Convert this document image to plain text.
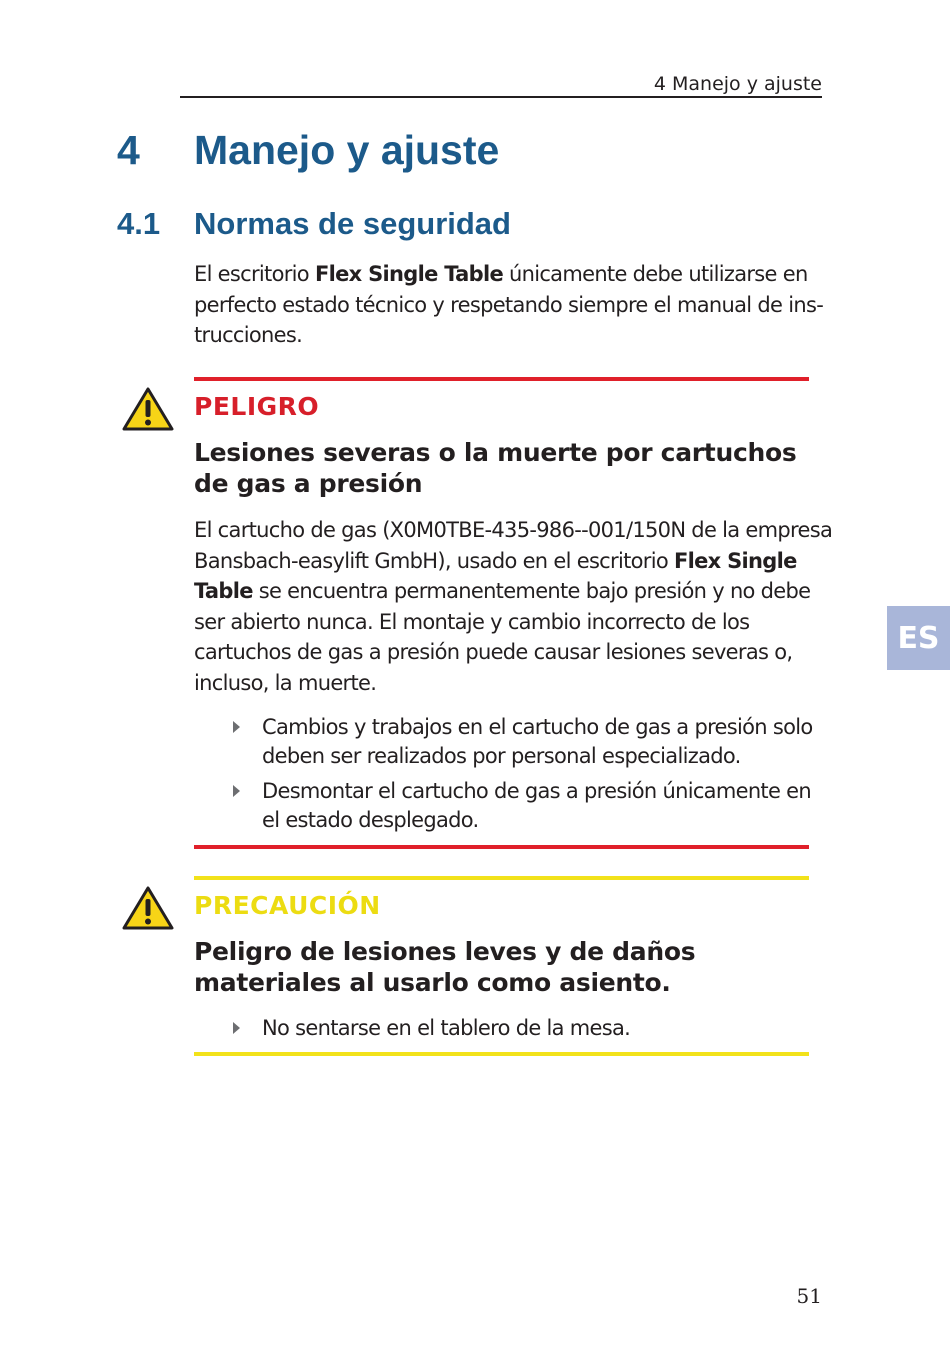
4 Manejo y ajuste
4 Manejo y ajuste
4.1 Normas de seguridad

El escritorio Flex Single Table únicamente debe utilizarse en perfecto estado técnico y respetando siempre el manual de ins-trucciones.

PELIGRO
Lesiones severas o la muerte por cartuchos de gas a presión

El cartucho de gas (X0M0TBE-435-986--001/150N de la empresa Bansbach-easylift GmbH), usado en el escritorio Flex Single Table se encuentra permanentemente bajo presión y no debe ser abierto nunca. El montaje y cambio incorrecto de los cartuchos de gas a presión puede causar lesiones severas o, incluso, la muerte.

Cambios y trabajos en el cartucho de gas a presión solo deben ser realizados por personal especializado.
Desmontar el cartucho de gas a presión únicamente en el estado desplegado.
PRECAUCIÓN
Peligro de lesiones leves y de daños materiales al usarlo como asiento.
No sentarse en el tablero de la mesa.
ES
51
